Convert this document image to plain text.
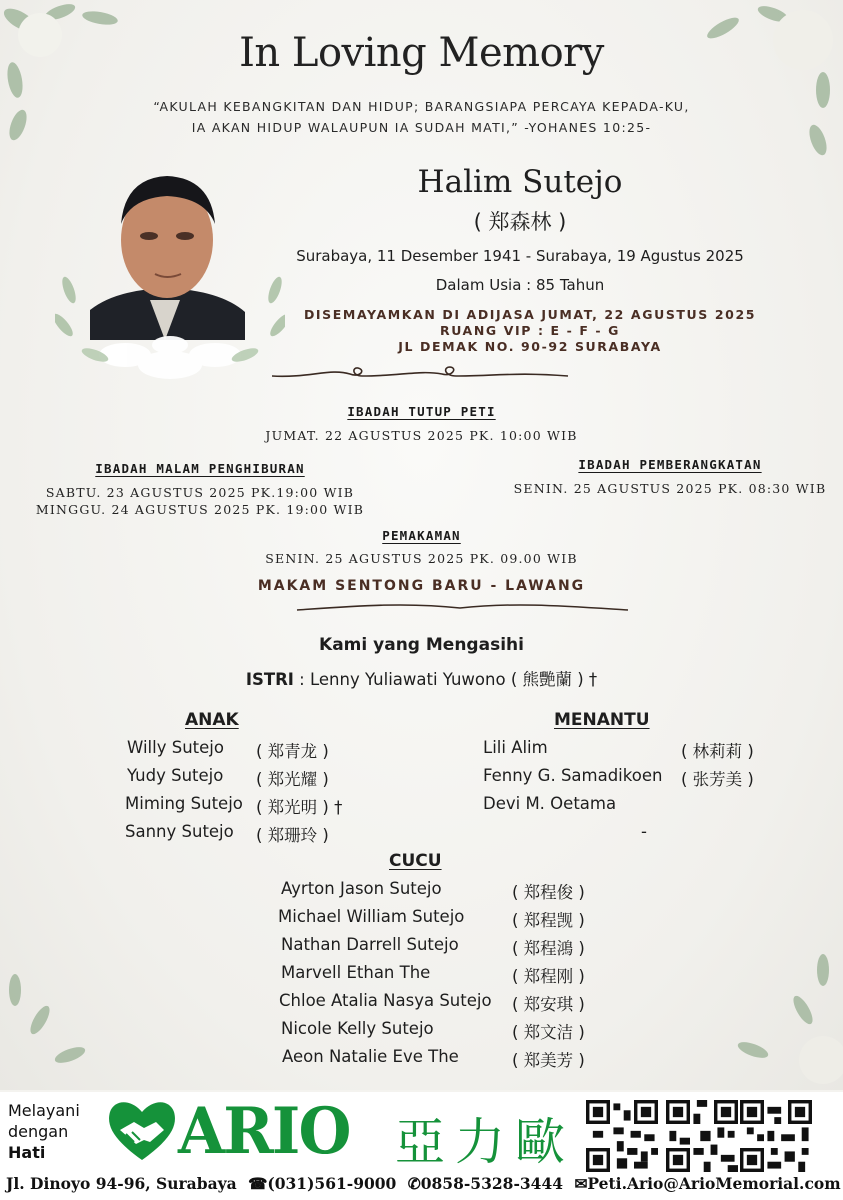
In Loving Memory
“AKULAH KEBANGKITAN DAN HIDUP; BARANGSIAPA PERCAYA KEPADA-KU,
IA AKAN HIDUP WALAUPUN IA SUDAH MATI,” -YOHANES 10:25-
Halim Sutejo
( 郑森林 )
Surabaya, 11 Desember 1941 - Surabaya, 19 Agustus 2025
Dalam Usia : 85 Tahun
DISEMAYAMKAN DI ADIJASA JUMAT, 22 AGUSTUS 2025
RUANG VIP : E - F - G
JL DEMAK NO. 90-92 SURABAYA
IBADAH TUTUP PETI
JUMAT. 22 AGUSTUS 2025 PK. 10:00 WIB
IBADAH MALAM PENGHIBURAN
SABTU. 23 AGUSTUS 2025 PK.19:00 WIB
MINGGU. 24 AGUSTUS 2025 PK. 19:00 WIB
IBADAH PEMBERANGKATAN
SENIN. 25 AGUSTUS 2025 PK. 08:30 WIB
PEMAKAMAN
SENIN. 25 AGUSTUS 2025 PK. 09.00 WIB
MAKAM SENTONG BARU - LAWANG
Kami yang Mengasihi
ISTRI : Lenny Yuliawati Yuwono ( 熊艷蘭 ) †
ANAK	MENANTU
Willy Sutejo ( 郑青龙 )
Yudy Sutejo ( 郑光耀 )
Miming Sutejo ( 郑光明 ) †
Sanny Sutejo ( 郑珊玲 )
Lili Alim	( 林莉莉 )
Fenny G. Samadikoen ( 张芳美 )
Devi M. Oetama
-
CUCU
Ayrton Jason Sutejo	( 郑程俊 )
Michael William Sutejo	( 郑程觊 )
Nathan Darrell Sutejo	( 郑程鴻 )
Marvell Ethan The	( 郑程刚 )
Chloe Atalia Nasya Sutejo ( 郑安琪 )
Nicole Kelly Sutejo	( 郑文洁 )
Aeon Natalie Eve The	( 郑美芳 )
Melayani
dengan
Hati	ARIO 亞力歐
Jl. Dinoyo 94-96, Surabaya ☎(031)561-9000 ✆0858-5328-3444 ✉Peti.Ario@ArioMemorial.com
